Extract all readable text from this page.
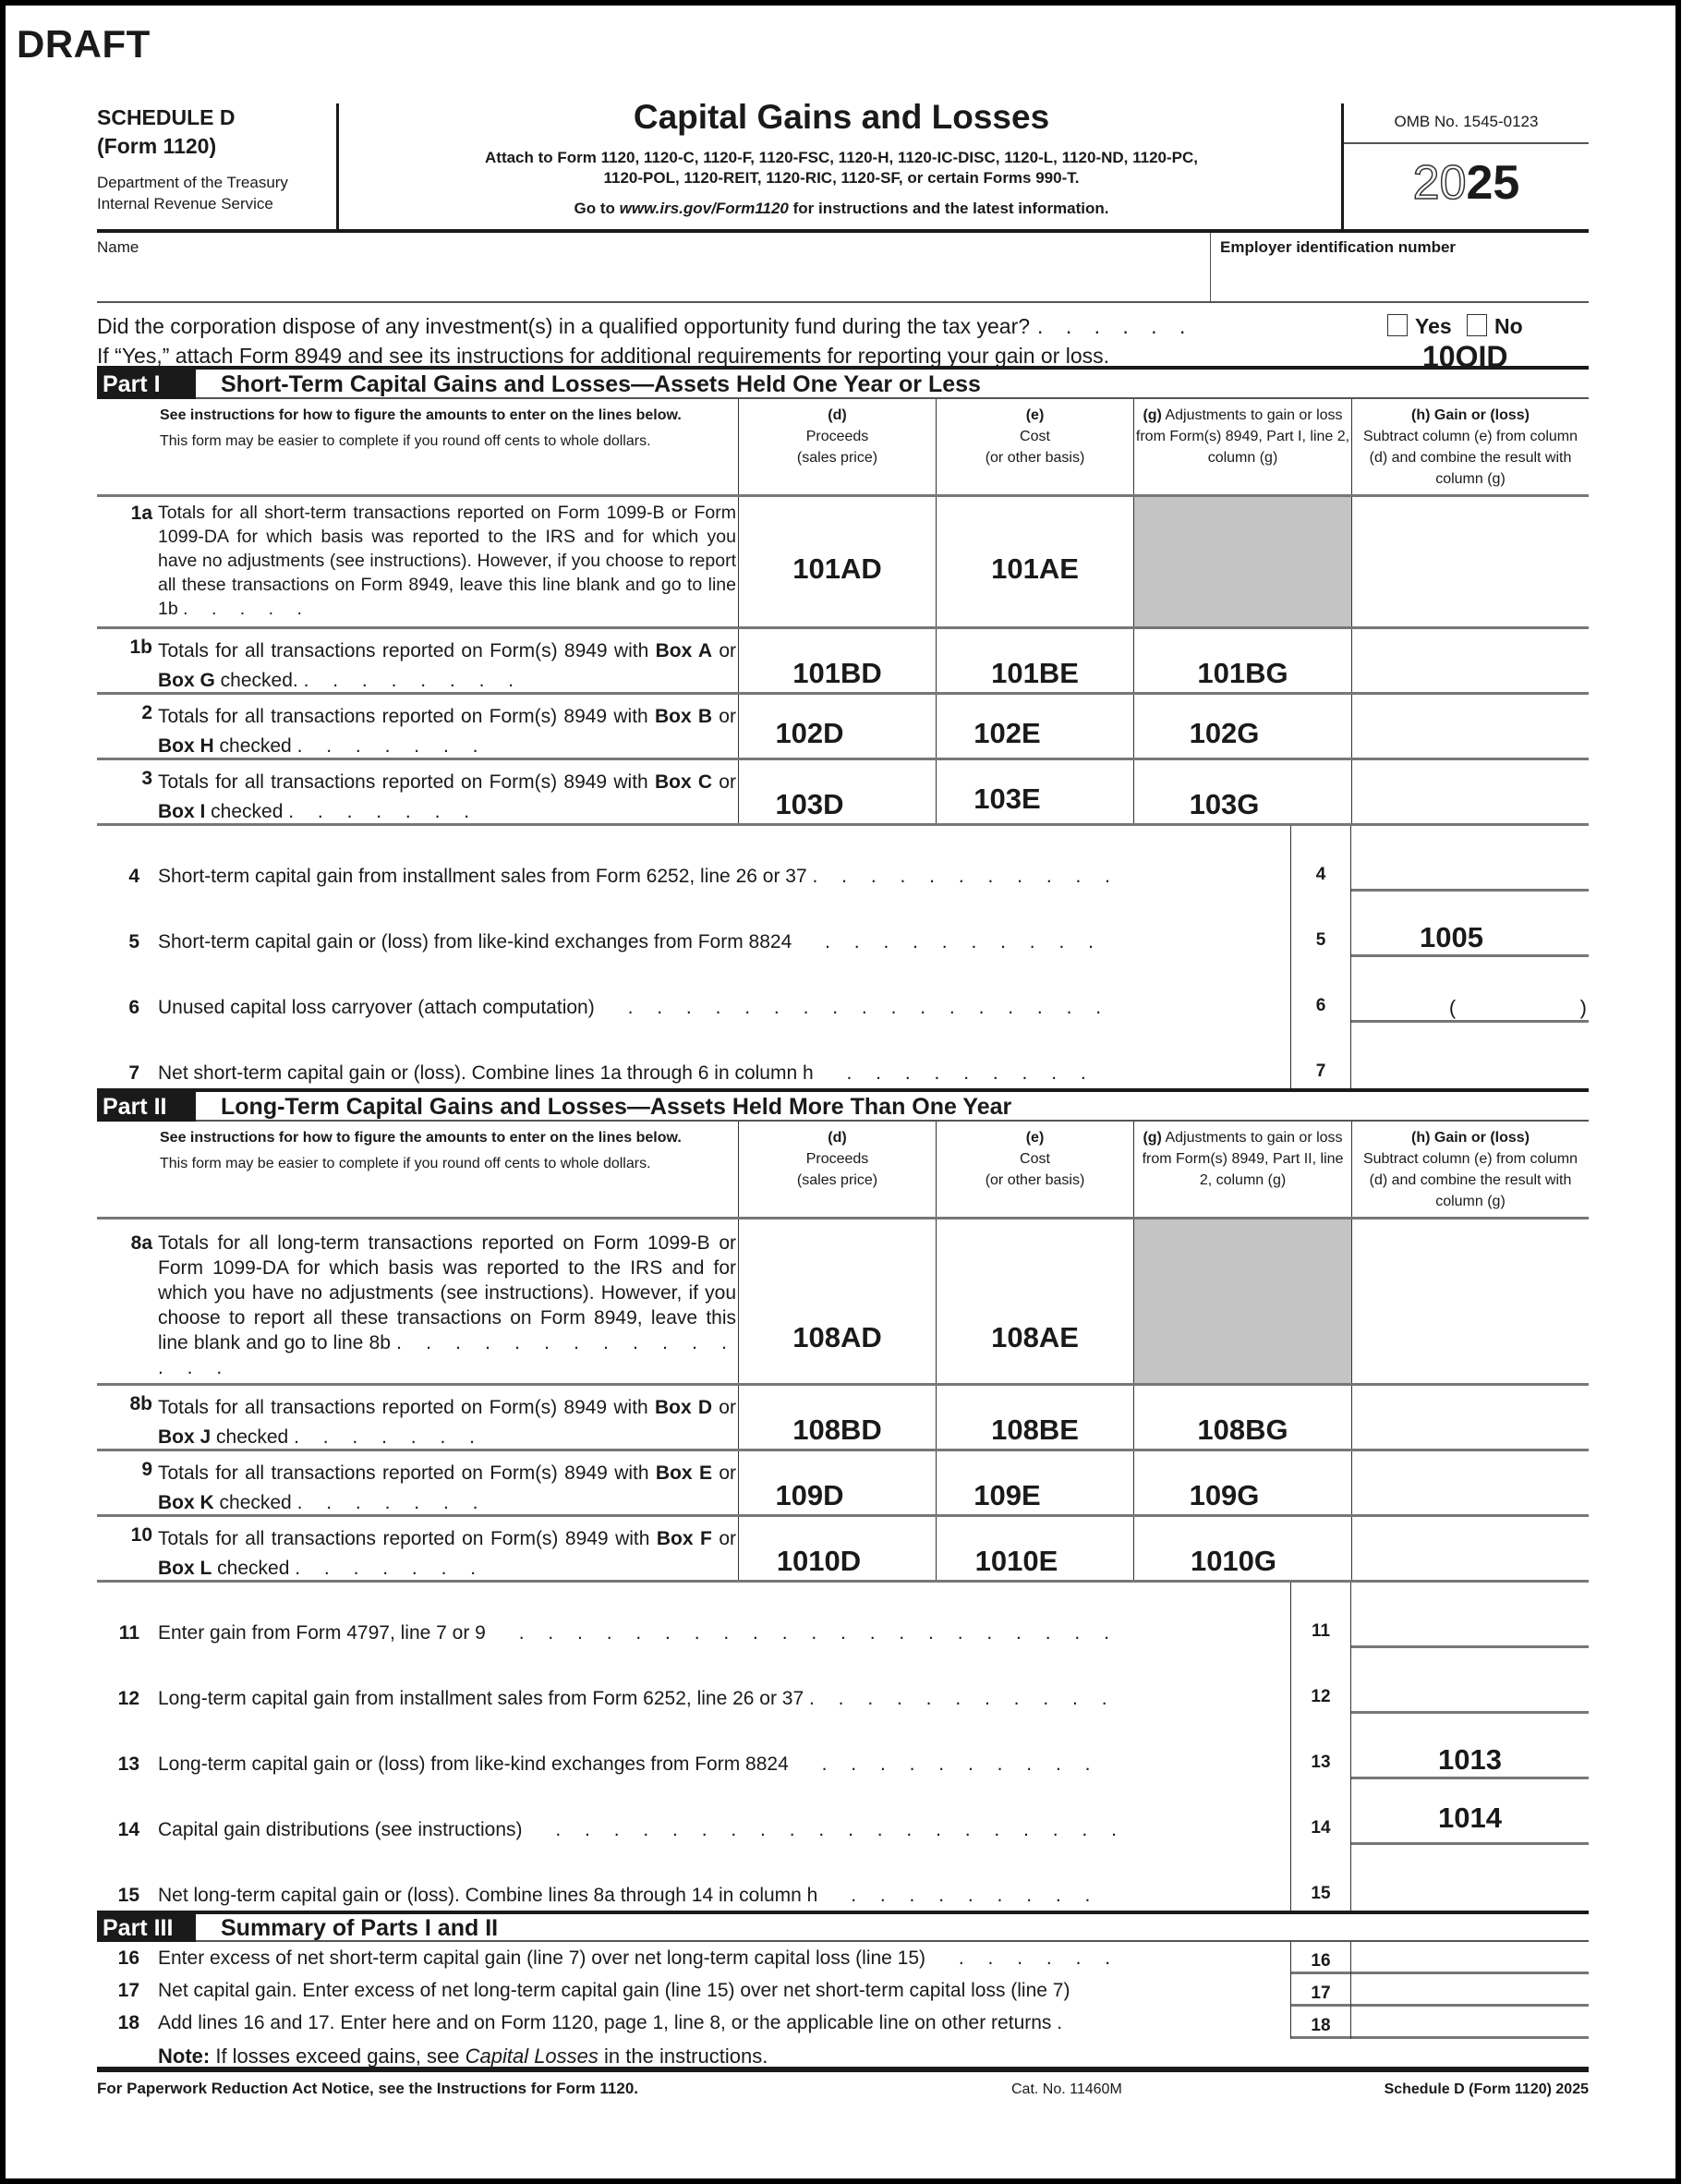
DRAFT
SCHEDULE D
(Form 1120)
Department of the Treasury
Internal Revenue Service
Capital Gains and Losses
Attach to Form 1120, 1120-C, 1120-F, 1120-FSC, 1120-H, 1120-IC-DISC, 1120-L, 1120-ND, 1120-PC,
1120-POL, 1120-REIT, 1120-RIC, 1120-SF, or certain Forms 990-T.
Go to www.irs.gov/Form1120 for instructions and the latest information.
OMB No. 1545-0123
2025
Name	Employer identification number
Did the corporation dispose of any investment(s) in a qualified opportunity fund during the tax year? . . . . . .	Yes No
If “Yes,” attach Form 8949 and see its instructions for additional requirements for reporting your gain or loss.	10OID
Part I	Short-Term Capital Gains and Losses—Assets Held One Year or Less
See instructions for how to figure the amounts to enter on the lines below.
This form may be easier to complete if you round off cents to whole dollars.
(d)
Proceeds
(sales price)
(e)
Cost
(or other basis)
(g) Adjustments to gain or loss from Form(s) 8949, Part I, line 2, column (g)
(h) Gain or (loss)
Subtract column (e) from column (d) and combine the result with column (g)
1a Totals for all short-term transactions reported on Form 1099-B or Form 1099-DA for which basis was reported to the IRS and for which you have no adjustments (see instructions). However, if you choose to report all these transactions on Form 8949, leave this line blank and go to line 1b . . . . .
101AD	101AE
1b Totals for all transactions reported on Form(s) 8949 with Box A or Box G checked. . . . . . . . .	101BD	101BE	101BG
2 Totals for all transactions reported on Form(s) 8949 with Box B or Box H checked . . . . . . .	102D	102E	102G
3 Totals for all transactions reported on Form(s) 8949 with Box C or Box I checked . . . . . . .	103D	103E	103G
4 Short-term capital gain from installment sales from Form 6252, line 26 or 37 . . . . . . . . . . .	4
5 Short-term capital gain or (loss) from like-kind exchanges from Form 8824 . . . . . . . . . .	5	1005
6 Unused capital loss carryover (attach computation) . . . . . . . . . . . . . . . . .	6	(	)
7 Net short-term capital gain or (loss). Combine lines 1a through 6 in column h . . . . . . . . .	7
Part II	Long-Term Capital Gains and Losses—Assets Held More Than One Year
See instructions for how to figure the amounts to enter on the lines below.
This form may be easier to complete if you round off cents to whole dollars.
(d)
Proceeds
(sales price)
(e)
Cost
(or other basis)
(g) Adjustments to gain or loss from Form(s) 8949, Part II, line 2, column (g)
(h) Gain or (loss)
Subtract column (e) from column (d) and combine the result with column (g)
8a Totals for all long-term transactions reported on Form 1099-B or Form 1099-DA for which basis was reported to the IRS and for which you have no adjustments (see instructions). However, if you choose to report all these transactions on Form 8949, leave this line blank and go to line 8b . . . . . . . . . . . . . . .
108AD	108AE
8b Totals for all transactions reported on Form(s) 8949 with Box D or Box J checked . . . . . . .	108BD	108BE	108BG
9 Totals for all transactions reported on Form(s) 8949 with Box E or Box K checked . . . . . . .	109D	109E	109G
10 Totals for all transactions reported on Form(s) 8949 with Box F or Box L checked . . . . . . .	1010D	1010E	1010G
11 Enter gain from Form 4797, line 7 or 9 . . . . . . . . . . . . . . . . . . . . .	11
12 Long-term capital gain from installment sales from Form 6252, line 26 or 37 . . . . . . . . . . .	12
13 Long-term capital gain or (loss) from like-kind exchanges from Form 8824 . . . . . . . . . .	13	1013
14 Capital gain distributions (see instructions) . . . . . . . . . . . . . . . . . . . .	14	1014
15 Net long-term capital gain or (loss). Combine lines 8a through 14 in column h . . . . . . . . .	15
Part III	Summary of Parts I and II
16 Enter excess of net short-term capital gain (line 7) over net long-term capital loss (line 15) . . . . . .	16
17 Net capital gain. Enter excess of net long-term capital gain (line 15) over net short-term capital loss (line 7)	17
18 Add lines 16 and 17. Enter here and on Form 1120, page 1, line 8, or the applicable line on other returns .	18
Note: If losses exceed gains, see Capital Losses in the instructions.
For Paperwork Reduction Act Notice, see the Instructions for Form 1120.	Cat. No. 11460M	Schedule D (Form 1120) 2025
